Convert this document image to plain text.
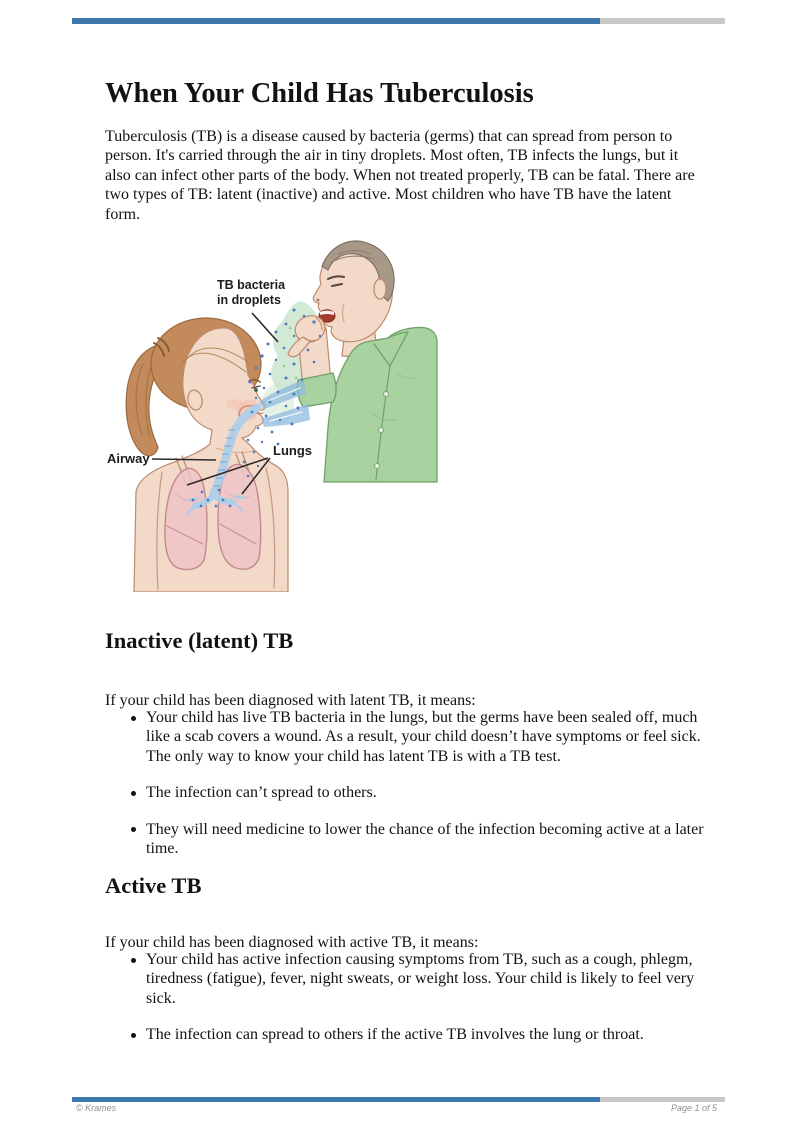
When Your Child Has Tuberculosis

Tuberculosis (TB) is a disease caused by bacteria (germs) that can spread from person to person. It's carried through the air in tiny droplets. Most often, TB infects the lungs, but it also can infect other parts of the body. When not treated properly, TB can be fatal. There are two types of TB: latent (inactive) and active. Most children who have TB have the latent form.

TB bacteria
in droplets
Airway
Lungs
Inactive (latent) TB

If your child has been diagnosed with latent TB, it means:

Your child has live TB bacteria in the lungs, but the germs have been sealed off, much like a scab covers a wound. As a result, your child doesn’t have symptoms or feel sick. The only way to know your child has latent TB is with a TB test.
The infection can’t spread to others.
They will need medicine to lower the chance of the infection becoming active at a later time.
Active TB

If your child has been diagnosed with active TB, it means:

Your child has active infection causing symptoms from TB, such as a cough, phlegm, tiredness (fatigue), fever, night sweats, or weight loss. Your child is likely to feel very sick.
The infection can spread to others if the active TB involves the lung or throat.
© Krames	Page 1 of 5
